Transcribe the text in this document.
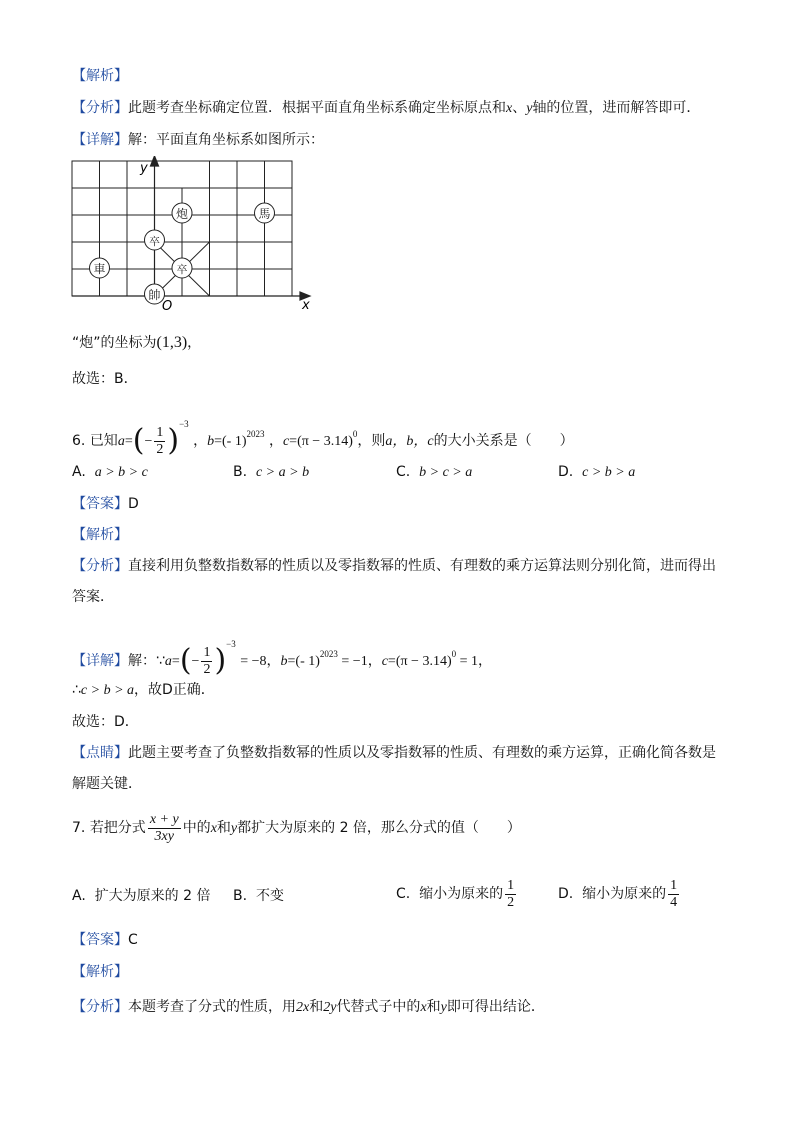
【解析】
【分析】此题考查坐标确定位置．根据平面直角坐标系确定坐标原点和x、y轴的位置，进而解答即可．
【详解】解：平面直角坐标系如图所示：
y
x
O
炮	馬
卒
車	卒
帥
“炮”的坐标为(1,3)，
故选：B．
6. 已知$a=(- \frac{1}{2} )^{-3}$ ，b=(- 1)$^{2023}$ ，$c=(\pi - 3.14)^0$，则a，b，c的大小关系是（　　）
A. a > b > c	B. c > a > b	C. b > c > a	D. c > b > a
【答案】D
【解析】
【分析】直接利用负整数指数幂的性质以及零指数幂的性质、有理数的乘方运算法则分别化简，进而得出
答案．
【详解】解：∵a=(− $\frac{1}{2} )^{-3} = -8$，b=(- 1)$^{2023}$ = −1，$c=(\pi - 3.14)^0 = 1$，
∴c > b > a，故D正确．
故选：D．
【点睛】此题主要考查了负整数指数幂的性质以及零指数幂的性质、有理数的乘方运算，正确化简各数是
解题关键．
7. 若把分式 $\frac{x + y}{3xy}$ 中的x和y都扩大为原来的 2 倍，那么分式的值（　　）
A. 扩大为原来的 2 倍 B. 不变	C. 缩小为原来的 $\frac{1}{2}$	D. 缩小为原来的 $\frac{1}{4}$
【答案】C
【解析】
【分析】本题考查了分式的性质，用2x和2y代替式子中的x和y即可得出结论．
